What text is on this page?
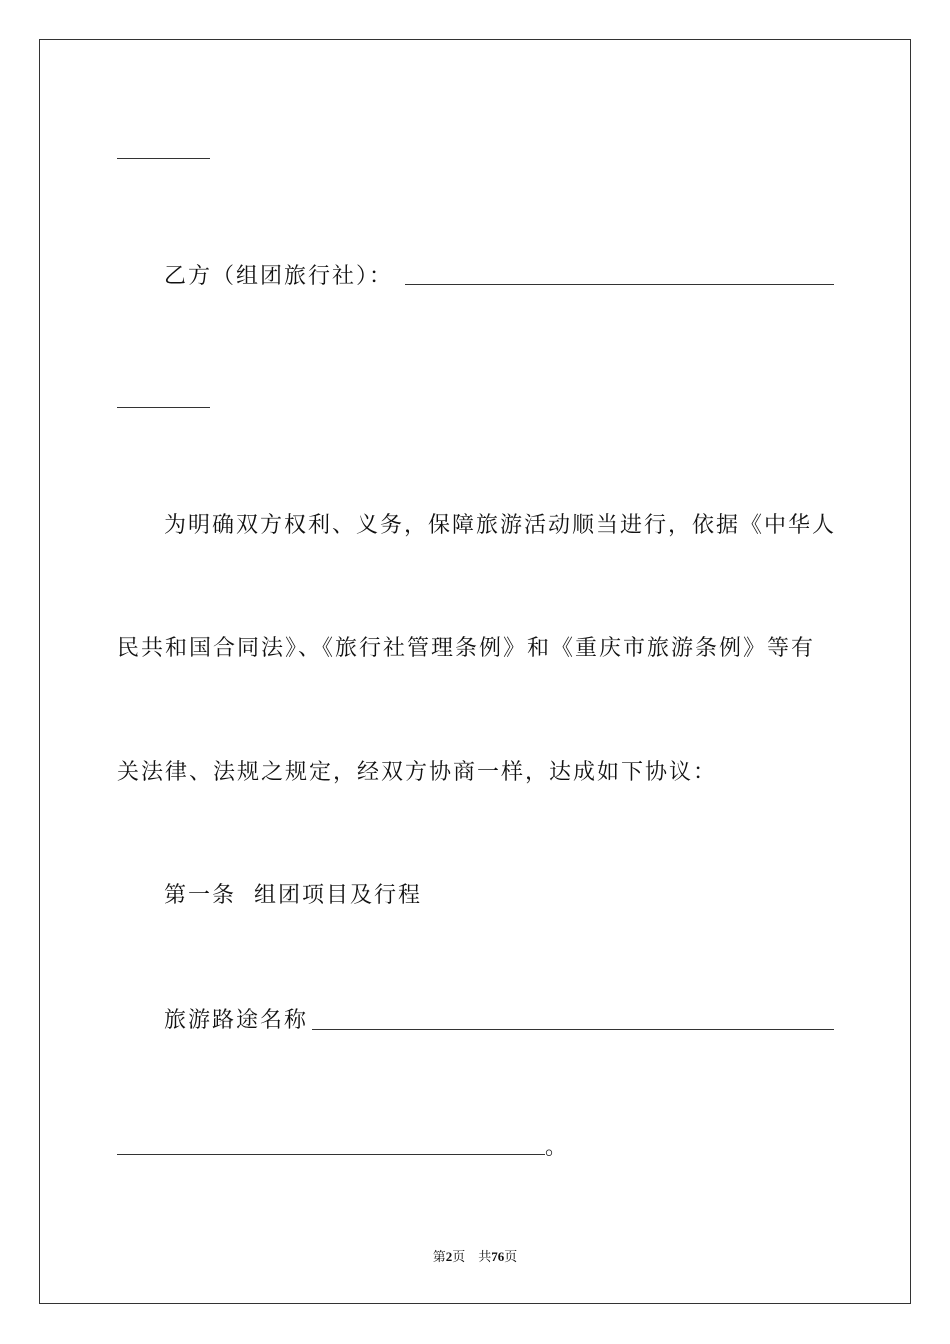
乙方（组团旅行社）：
为明确双方权利、义务，保障旅游活动顺当进行，依据《中华人
民共和国合同法》、《旅行社管理条例》和《重庆市旅游条例》等有
关法律、法规之规定，经双方协商一样，达成如下协议：
第一条  组团项目及行程
旅游路途名称
。
第2页 共76页
